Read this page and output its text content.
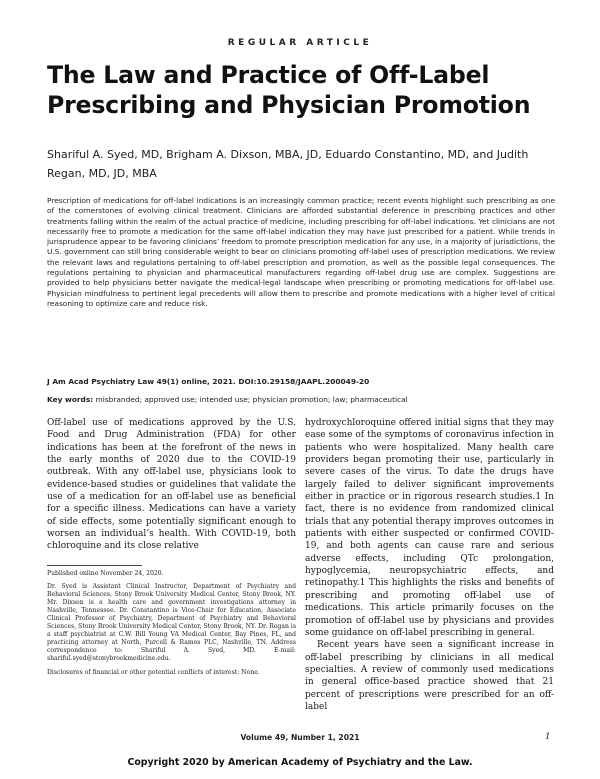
REGULAR ARTICLE
The Law and Practice of Off-Label Prescribing and Physician Promotion
Shariful A. Syed, MD, Brigham A. Dixson, MBA, JD, Eduardo Constantino, MD, and Judith Regan, MD, JD, MBA

Prescription of medications for off-label indications is an increasingly common practice; recent events highlight such prescribing as one of the cornerstones of evolving clinical treatment. Clinicians are afforded substantial deference in prescribing practices and other treatments falling within the realm of the actual practice of medicine, including prescribing for off-label indications. Yet clinicians are not necessarily free to promote a medication for the same off-label indication they may have just prescribed for a patient. While trends in jurisprudence appear to be favoring clinicians’ freedom to promote prescription medication for any use, in a majority of jurisdictions, the U.S. government can still bring considerable weight to bear on clinicians promoting off-label uses of prescription medications. We review the relevant laws and regulations pertaining to off-label prescription and promotion, as well as the possible legal consequences. The regulations pertaining to physician and pharmaceutical manufacturers regarding off-label drug use are complex. Suggestions are provided to help physicians better navigate the medical-legal landscape when prescribing or promoting medications for off-label use. Physician mindfulness to pertinent legal precedents will allow them to prescribe and promote medications with a higher level of critical reasoning to optimize care and reduce risk.

J Am Acad Psychiatry Law 49(1) online, 2021. DOI:10.29158/JAAPL.200049-20
Key words: misbranded; approved use; intended use; physician promotion; law; pharmaceutical

Off-label use of medications approved by the U.S. Food and Drug Administration (FDA) for other indications has been at the forefront of the news in the early months of 2020 due to the COVID-19 outbreak. With any off-label use, physicians look to evidence-based studies or guidelines that validate the use of a medication for an off-label use as beneficial for a specific illness. Medications can have a variety of side effects, some potentially significant enough to worsen an individual’s health. With COVID-19, both chloroquine and its close relative

hydroxychloroquine offered initial signs that they may ease some of the symptoms of coronavirus infection in patients who were hospitalized. Many health care providers began promoting their use, particularly in severe cases of the virus. To date the drugs have largely failed to deliver significant improvements either in practice or in rigorous research studies.1 In fact, there is no evidence from randomized clinical trials that any potential therapy improves outcomes in patients with either suspected or confirmed COVID-19, and both agents can cause rare and serious adverse effects, including QTc prolongation, hypoglycemia, neuropsychiatric effects, and retinopathy.1 This highlights the risks and benefits of prescribing and promoting off-label use of medications. This article primarily focuses on the promotion of off-label use by physicians and provides some guidance on off-label prescribing in general.

Recent years have seen a significant increase in off-label prescribing by clinicians in all medical specialties. A review of commonly used medications in general office-based practice showed that 21 percent of prescriptions were prescribed for an off-label

Published online November 24, 2020.

Dr. Syed is Assistant Clinical Instructor, Department of Psychiatry and Behavioral Sciences, Stony Brook University Medical Center, Stony Brook, NY. Mr. Dixson is a health care and government investigations attorney in Nashville, Tennessee. Dr. Constantino is Vice-Chair for Education, Associate Clinical Professor of Psychiatry, Department of Psychiatry and Behavioral Sciences, Stony Brook University Medical Center, Stony Brook, NY. Dr. Regan is a staff psychiatrist at C.W. Bill Young VA Medical Center, Bay Pines, FL, and practicing attorney at North, Purcell & Ramos PLC, Nashville, TN. Address correspondence to: Shariful A. Syed, MD. E-mail: shariful.syed@stonybrookmedicine.edu.

Disclosures of financial or other potential conflicts of interest: None.

Volume 49, Number 1, 2021	1
Copyright 2020 by American Academy of Psychiatry and the Law.
